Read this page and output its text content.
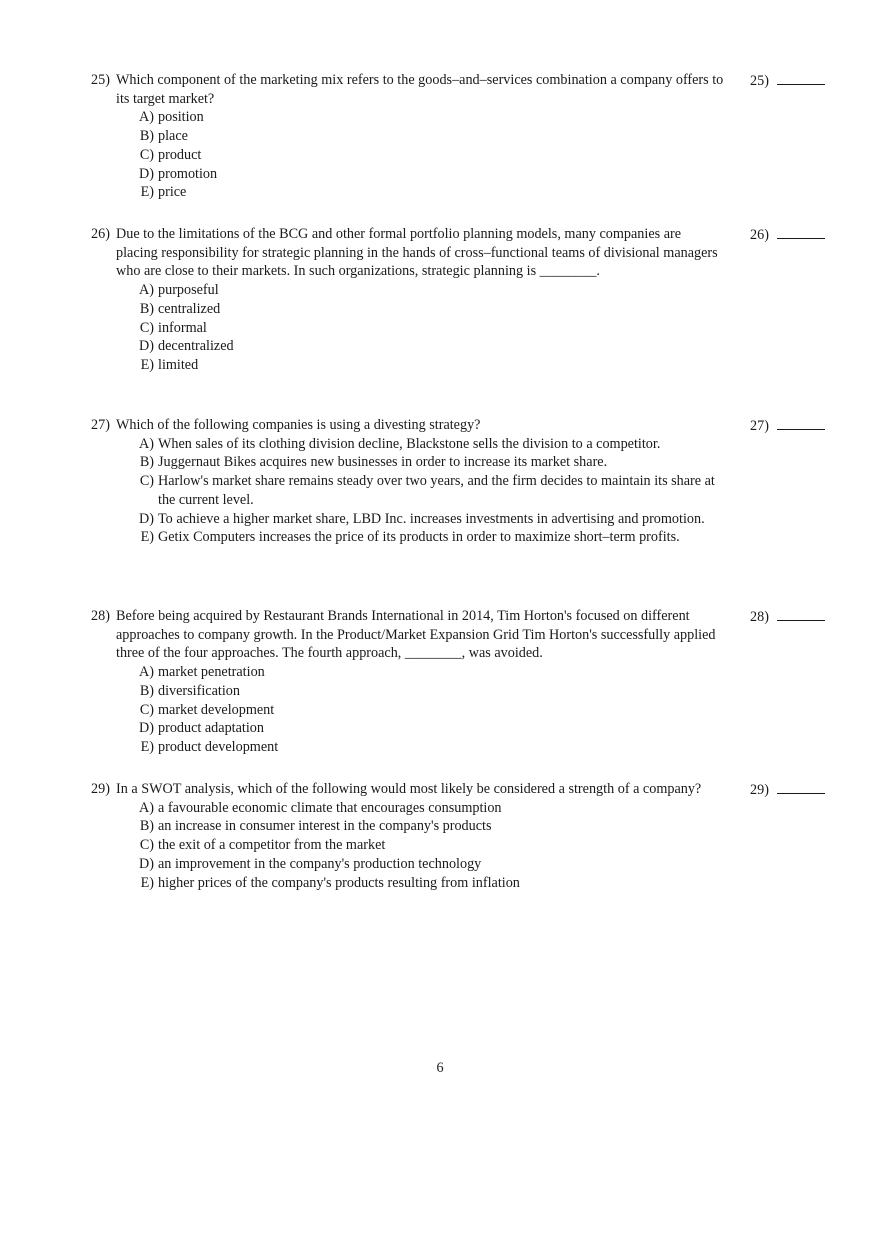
25) Which component of the marketing mix refers to the goods–and–services combination a company offers to its target market?
A) position
B) place
C) product
D) promotion
E) price
25)
26) Due to the limitations of the BCG and other formal portfolio planning models, many companies are placing responsibility for strategic planning in the hands of cross–functional teams of divisional managers who are close to their markets. In such organizations, strategic planning is ________.
A) purposeful
B) centralized
C) informal
D) decentralized
E) limited
26)
27) Which of the following companies is using a divesting strategy?
A) When sales of its clothing division decline, Blackstone sells the division to a competitor.
B) Juggernaut Bikes acquires new businesses in order to increase its market share.
C) Harlow's market share remains steady over two years, and the firm decides to maintain its share at the current level.
D) To achieve a higher market share, LBD Inc. increases investments in advertising and promotion.
E) Getix Computers increases the price of its products in order to maximize short–term profits.
27)
28) Before being acquired by Restaurant Brands International in 2014, Tim Horton's focused on different approaches to company growth. In the Product/Market Expansion Grid Tim Horton's successfully applied three of the four approaches. The fourth approach, ________, was avoided.
A) market penetration
B) diversification
C) market development
D) product adaptation
E) product development
28)
29) In a SWOT analysis, which of the following would most likely be considered a strength of a company?
A) a favourable economic climate that encourages consumption
B) an increase in consumer interest in the company's products
C) the exit of a competitor from the market
D) an improvement in the company's production technology
E) higher prices of the company's products resulting from inflation
29)
6
